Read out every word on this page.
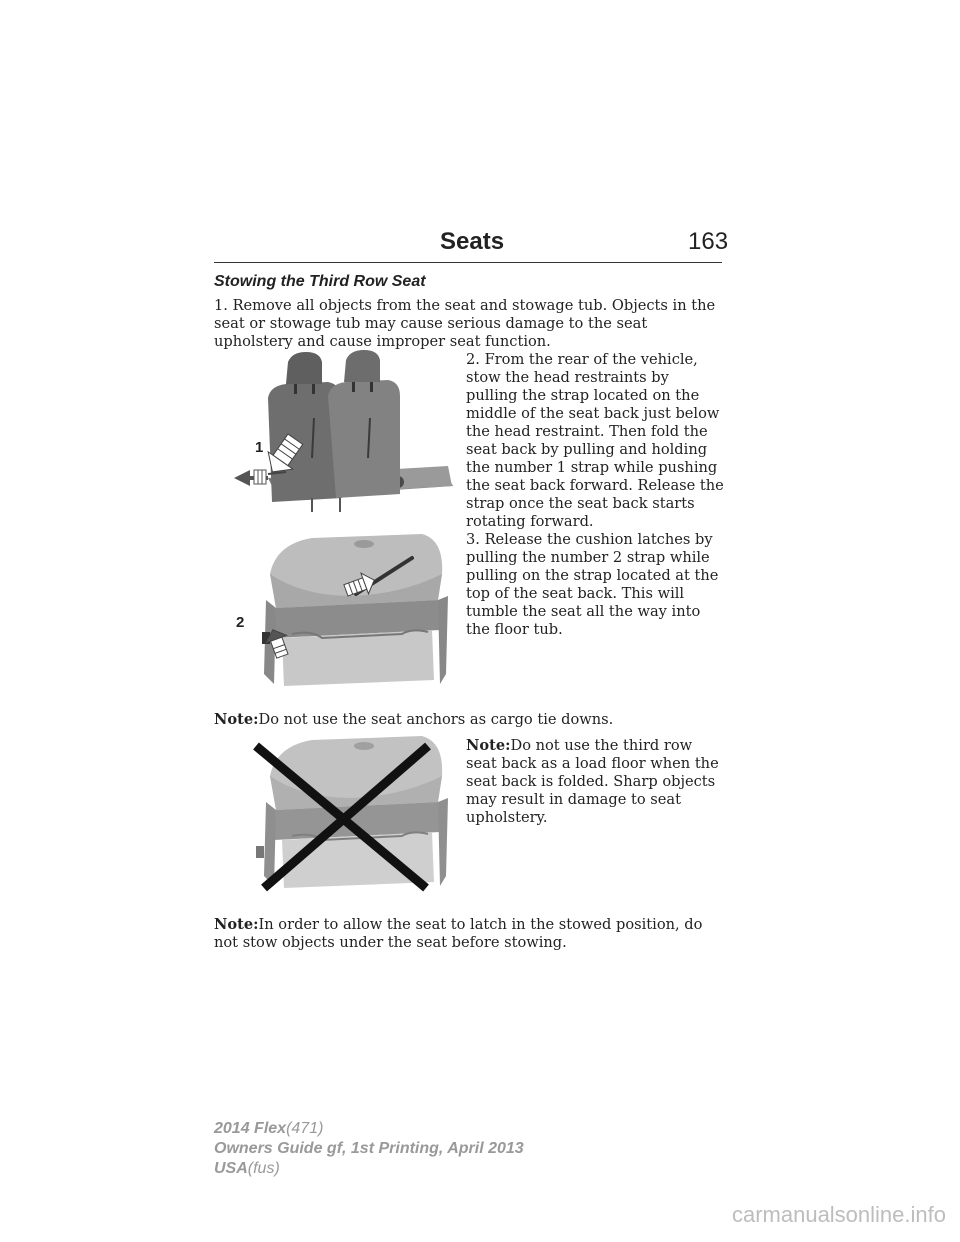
Seats	163
Stowing the Third Row Seat
1. Remove all objects from the seat and stowage tub. Objects in the seat or stowage tub may cause serious damage to the seat upholstery and cause improper seat function.
1
2. From the rear of the vehicle, stow the head restraints by pulling the strap located on the middle of the seat back just below the head restraint. Then fold the seat back by pulling and holding the number 1 strap while pushing the seat back forward. Release the strap once the seat back starts rotating forward.
2
3. Release the cushion latches by pulling the number 2 strap while pulling on the strap located at the top of the seat back. This will tumble the seat all the way into the floor tub.
Note:Do not use the seat anchors as cargo tie downs.
Note:Do not use the third row seat back as a load floor when the seat back is folded. Sharp objects may result in damage to seat upholstery.
Note:In order to allow the seat to latch in the stowed position, do not stow objects under the seat before stowing.
2014 Flex(471)
Owners Guide gf, 1st Printing, April 2013
USA(fus)
carmanualsonline.info
